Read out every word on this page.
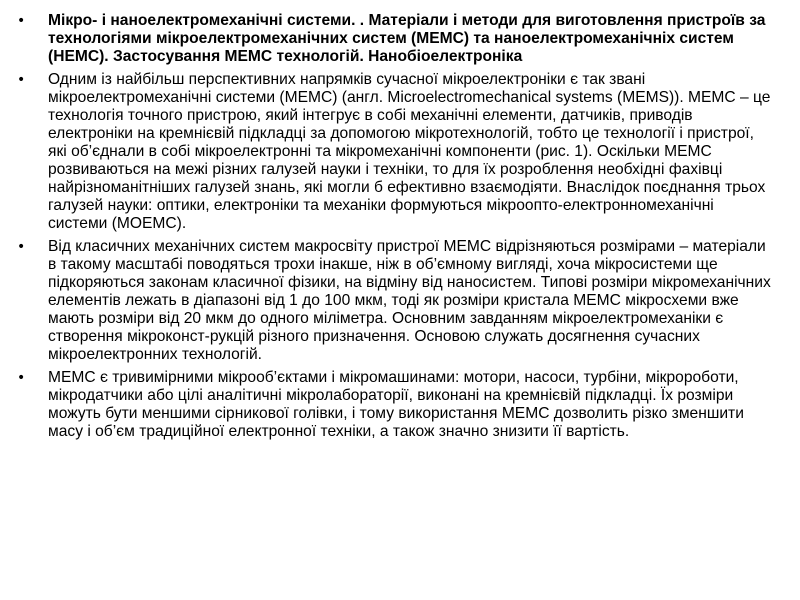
•	Мікро- і наноелектромеханічні системи. . Матеріали і методи для виготовлення пристроїв за технологіями мікроелектромеханічних систем (МЕМС) та наноелектромеханічніх систем (НЕМС). Застосування МЕМС технологій. Нанобіоелектроніка
•	Одним із найбільш перспективних напрямків сучасної мікроелектроніки є так звані мікроелектромеханічні системи (МЕМС) (англ. Microelectromechanical systems (MEMS)). МЕМС – це технологія точного пристрою, який інтегрує в собі механічні елементи, датчиків, приводів електроніки на кремнієвій підкладці за допомогою мікротехнологій, тобто це технології і пристрої, які об’єднали в собі мікроелектронні та мікромеханічні компоненти (рис. 1). Оскільки МЕМС розвиваються на межі різних галузей науки і техніки, то для їх розроблення необхідні фахівці найрізноманітніших галузей знань, які могли б ефективно взаємодіяти. Внаслідок поєднання трьох галузей науки: оптики, електроніки та механіки формуються мікроопто-електронномеханічні системи (МОЕМС).
•	Від класичних механічних систем макросвіту пристрої МЕМС відрізняються розмірами – матеріали в такому масштабі поводяться трохи інакше, ніж в об’ємному вигляді, хоча мікросистеми ще підкоряються законам класичної фізики, на відміну від наносистем. Типові розміри мікромеханічних елементів лежать в діапазоні від 1 до 100 мкм, тоді як розміри кристала МЕМС мікросхеми вже мають розміри від 20 мкм до одного міліметра. Основним завданням мікроелектромеханіки є створення мікроконст-рукцій різного призначення. Основою служать досягнення сучасних мікроелектронних технологій.
•	МЕМС є тривимірними мікрооб’єктами і мікромашинами: мотори, насоси, турбіни, мікророботи, мікродатчики або цілі аналітичні мікролабораторії, виконані на кремнієвій підкладці. Їх розміри можуть бути меншими сірникової голівки, і тому використання МЕМС дозволить різко зменшити масу і об’єм традиційної електронної техніки, а також значно знизити її вартість.
